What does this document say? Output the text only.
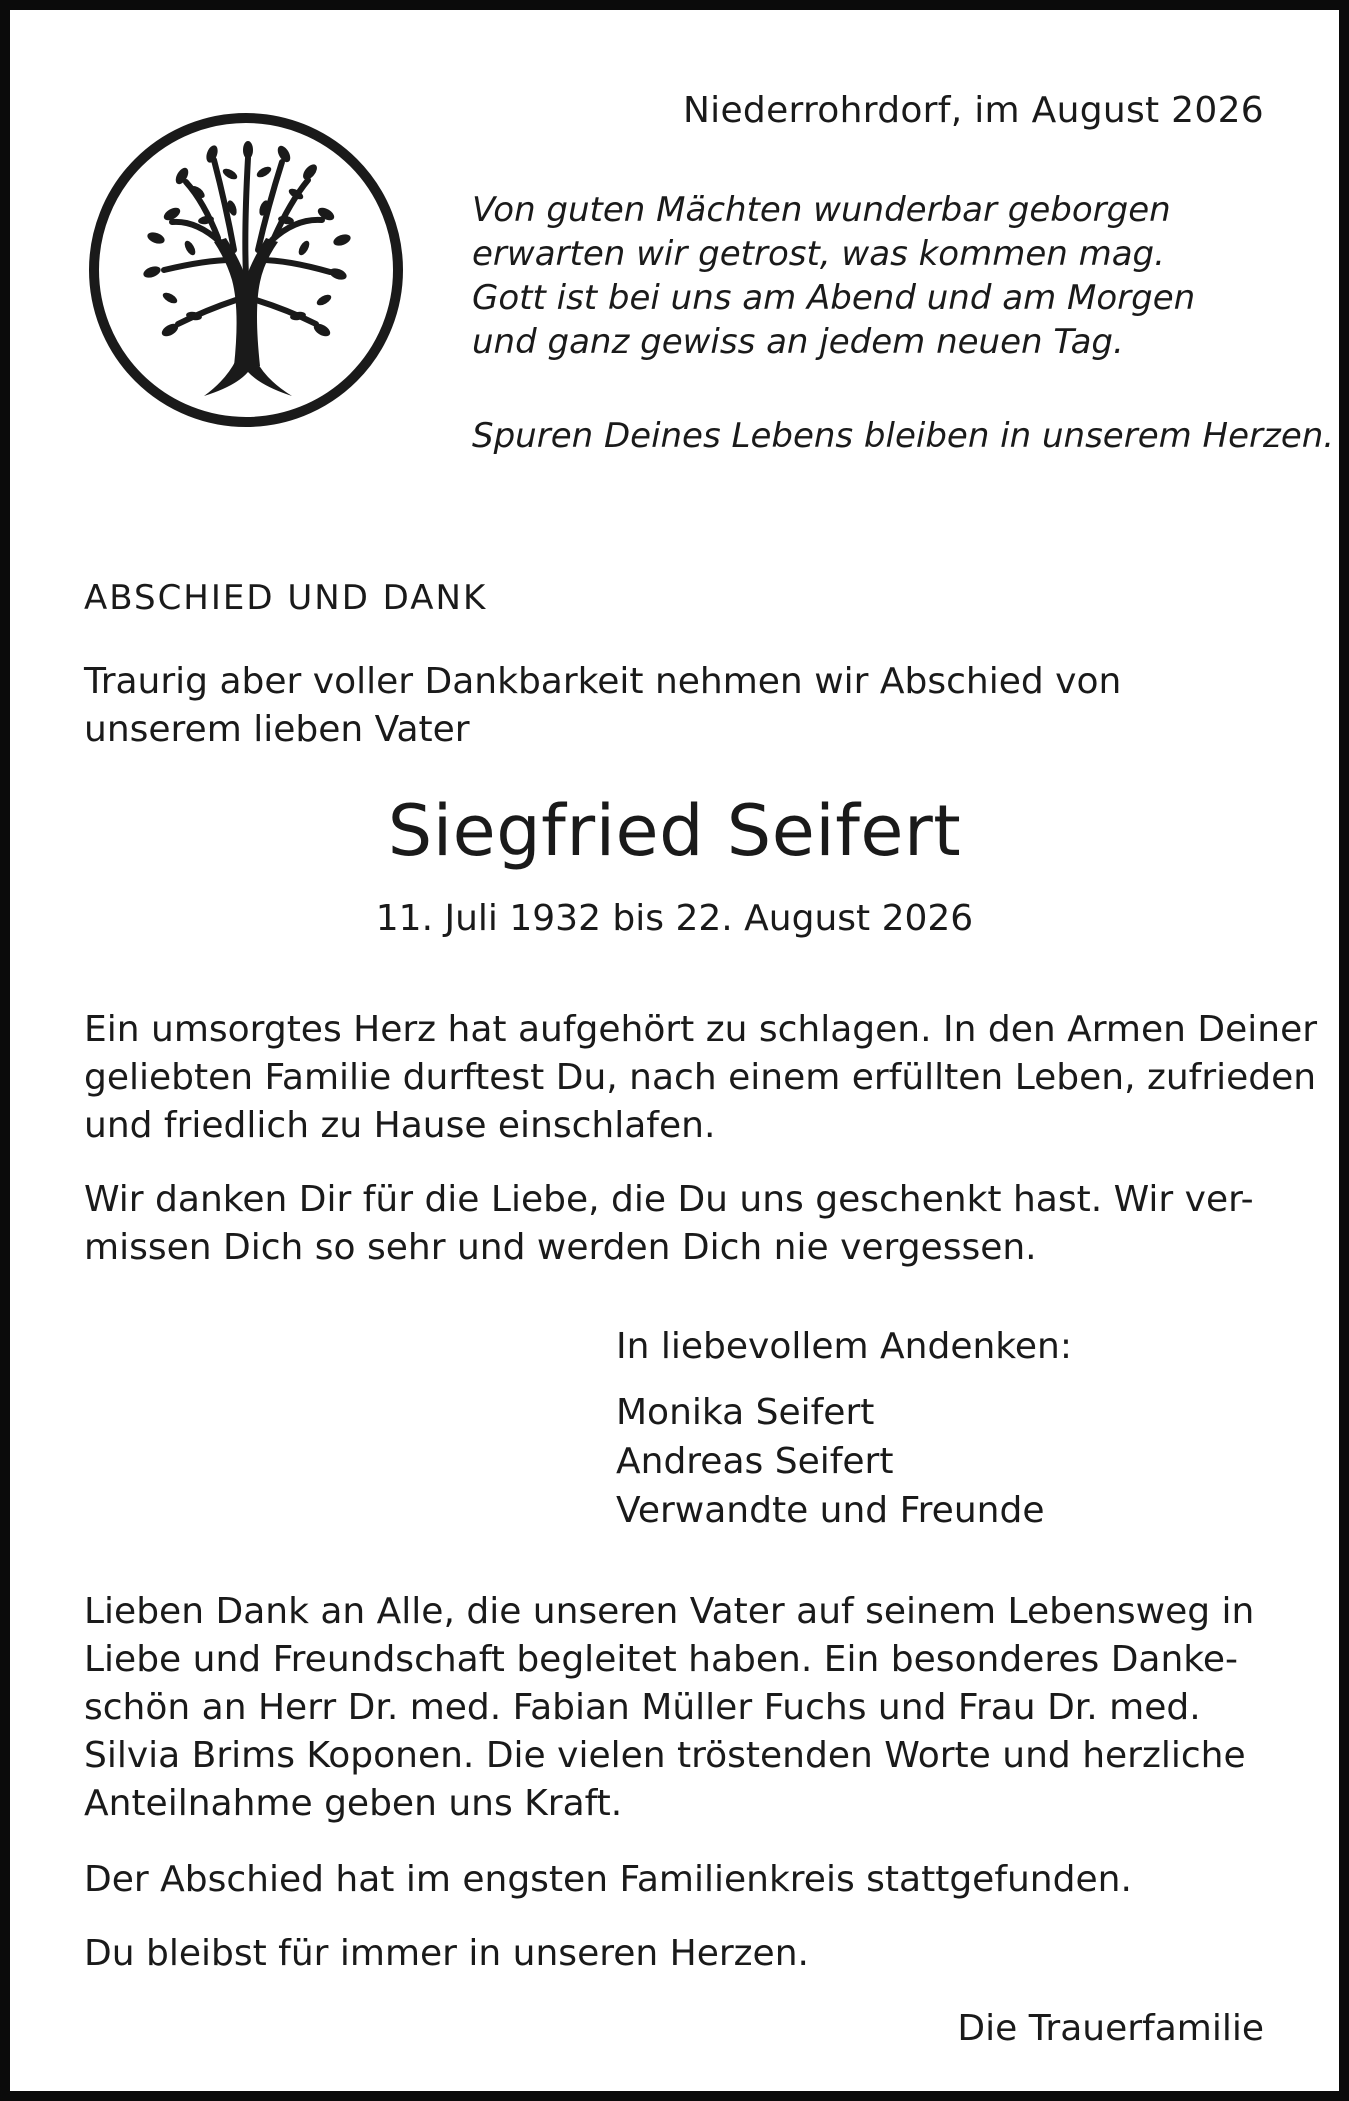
Niederrohrdorf, im August 2026
Von guten Mächten wunderbar geborgen
erwarten wir getrost, was kommen mag.
Gott ist bei uns am Abend und am Morgen
und ganz gewiss an jedem neuen Tag.
Spuren Deines Lebens bleiben in unserem Herzen.
ABSCHIED UND DANK
Traurig aber voller Dankbarkeit nehmen wir Abschied von unserem lieben Vater
Siegfried Seifert
11. Juli 1932 bis 22. August 2026
Ein umsorgtes Herz hat aufgehört zu schlagen. In den Armen Deiner
geliebten Familie durftest Du, nach einem erfüllten Leben, zufrieden
und friedlich zu Hause einschlafen.
Wir danken Dir für die Liebe, die Du uns geschenkt hast. Wir ver-
missen Dich so sehr und werden Dich nie vergessen.
In liebevollem Andenken:
Monika Seifert
Andreas Seifert
Verwandte und Freunde
Lieben Dank an Alle, die unseren Vater auf seinem Lebensweg in
Liebe und Freundschaft begleitet haben. Ein besonderes Danke-
schön an Herr Dr. med. Fabian Müller Fuchs und Frau Dr. med.
Silvia Brims Koponen. Die vielen tröstenden Worte und herzliche
Anteilnahme geben uns Kraft.
Der Abschied hat im engsten Familienkreis stattgefunden.
Du bleibst für immer in unseren Herzen.
Die Trauerfamilie
